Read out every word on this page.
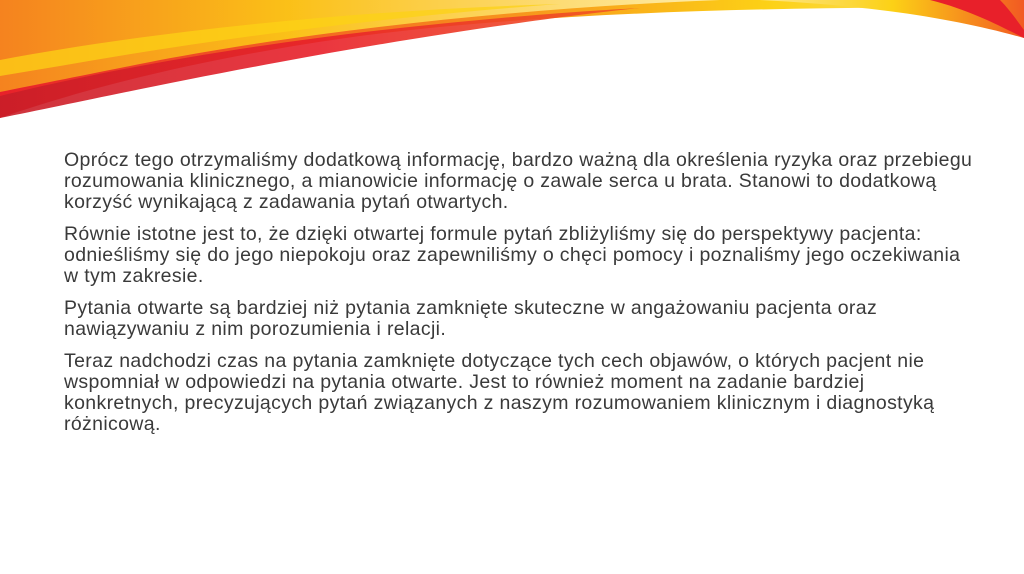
Oprócz tego otrzymaliśmy dodatkową informację, bardzo ważną dla określenia ryzyka oraz przebiegu rozumowania klinicznego, a mianowicie informację o zawale serca u brata. Stanowi to dodatkową korzyść wynikającą z zadawania pytań otwartych.

Równie istotne jest to, że dzięki otwartej formule pytań zbliżyliśmy się do perspektywy pacjenta: odnieśliśmy się do jego niepokoju oraz zapewniliśmy o chęci pomocy i poznaliśmy jego oczekiwania w tym zakresie.

Pytania otwarte są bardziej niż pytania zamknięte skuteczne w angażowaniu pacjenta oraz nawiązywaniu z nim porozumienia i relacji.

Teraz nadchodzi czas na pytania zamknięte dotyczące tych cech objawów, o których pacjent nie wspomniał w odpowiedzi na pytania otwarte. Jest to również moment na zadanie bardziej konkretnych, precyzujących pytań związanych z naszym rozumowaniem klinicznym i diagnostyką różnicową.
